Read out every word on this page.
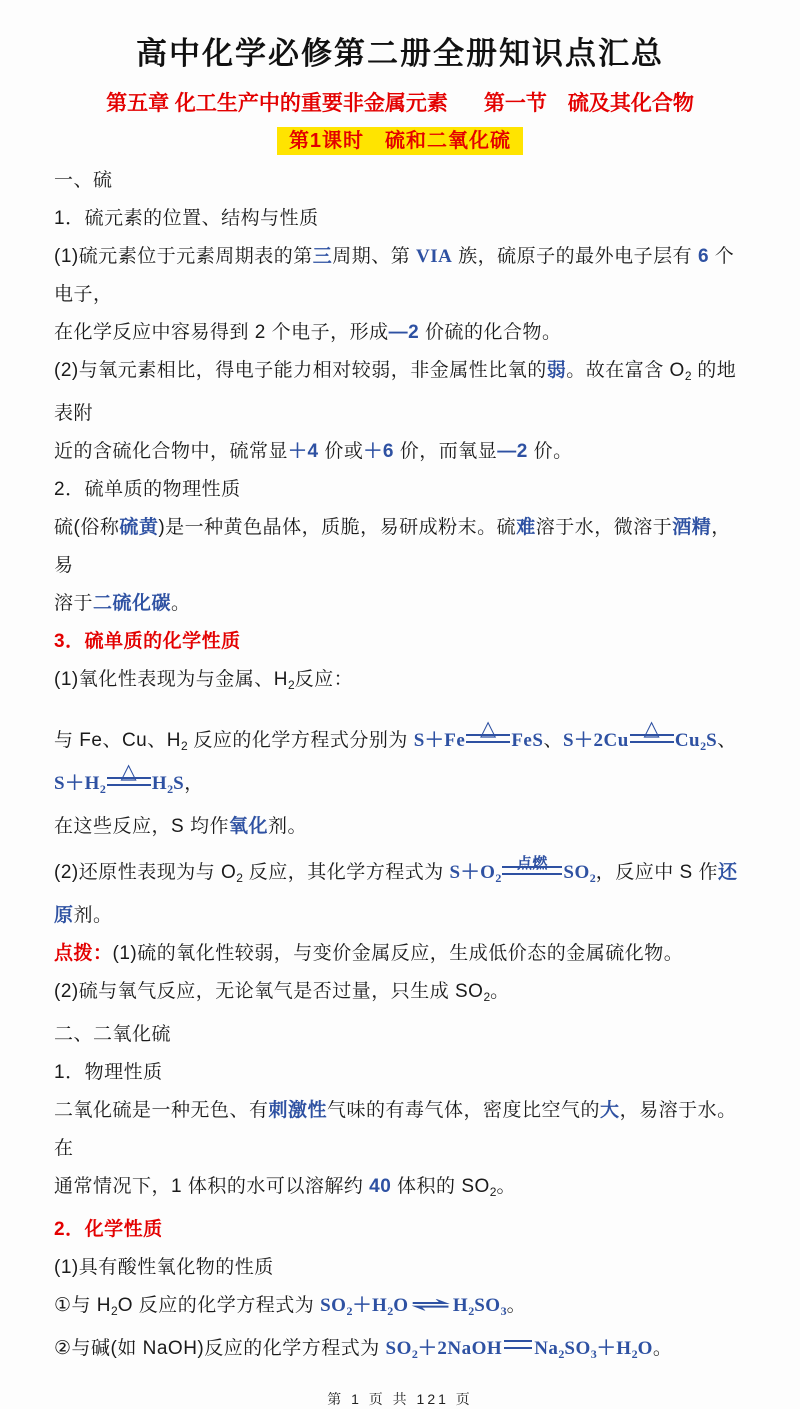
高中化学必修第二册全册知识点汇总
第五章 化工生产中的重要非金属元素 第一节　硫及其化合物
第1课时　硫和二氧化硫
一、硫
1．硫元素的位置、结构与性质
(1)硫元素位于元素周期表的第三周期、第 VIA 族，硫原子的最外电子层有 6 个电子，
在化学反应中容易得到 2 个电子，形成—2 价硫的化合物。
(2)与氧元素相比，得电子能力相对较弱，非金属性比氧的弱。故在富含 $O_2$ 的地表附
近的含硫化合物中，硫常显＋4 价或＋6 价，而氧显—2 价。
2．硫单质的物理性质
硫(俗称硫黄)是一种黄色晶体，质脆，易研成粉末。硫难溶于水，微溶于酒精，易
溶于二硫化碳。
3．硫单质的化学性质
(1)氧化性表现为与金属、$H_2$反应：
与 Fe、Cu、$H_2$ 反应的化学方程式分别为 S＋Fe
△
FeS、S＋2Cu
△
$Cu_2S$、$S+H_2$
△
$H_2S$，
在这些反应，S 均作氧化剂。
(2)还原性表现为与 $O_2$ 反应，其化学方程式为 $S+O_2$
点燃 $SO_2$，反应中 S 作还原剂。
点拨：(1)硫的氧化性较弱，与变价金属反应，生成低价态的金属硫化物。
(2)硫与氧气反应，无论氧气是否过量，只生成 $SO_2$。
二、二氧化硫
1．物理性质
二氧化硫是一种无色、有刺激性气味的有毒气体，密度比空气的大，易溶于水。在
通常情况下，1 体积的水可以溶解约 40 体积的 $SO_2$。
2．化学性质
(1)具有酸性氧化物的性质
①与 $H_2O$ 反应的化学方程式为 $SO_2+H_2O\rightleftharpoons H_2SO_3$。
②与碱(如 NaOH)反应的化学方程式为 $SO_2+2NaOH$ $Na_2SO_3+H_2O$。
第 1 页 共 121 页
